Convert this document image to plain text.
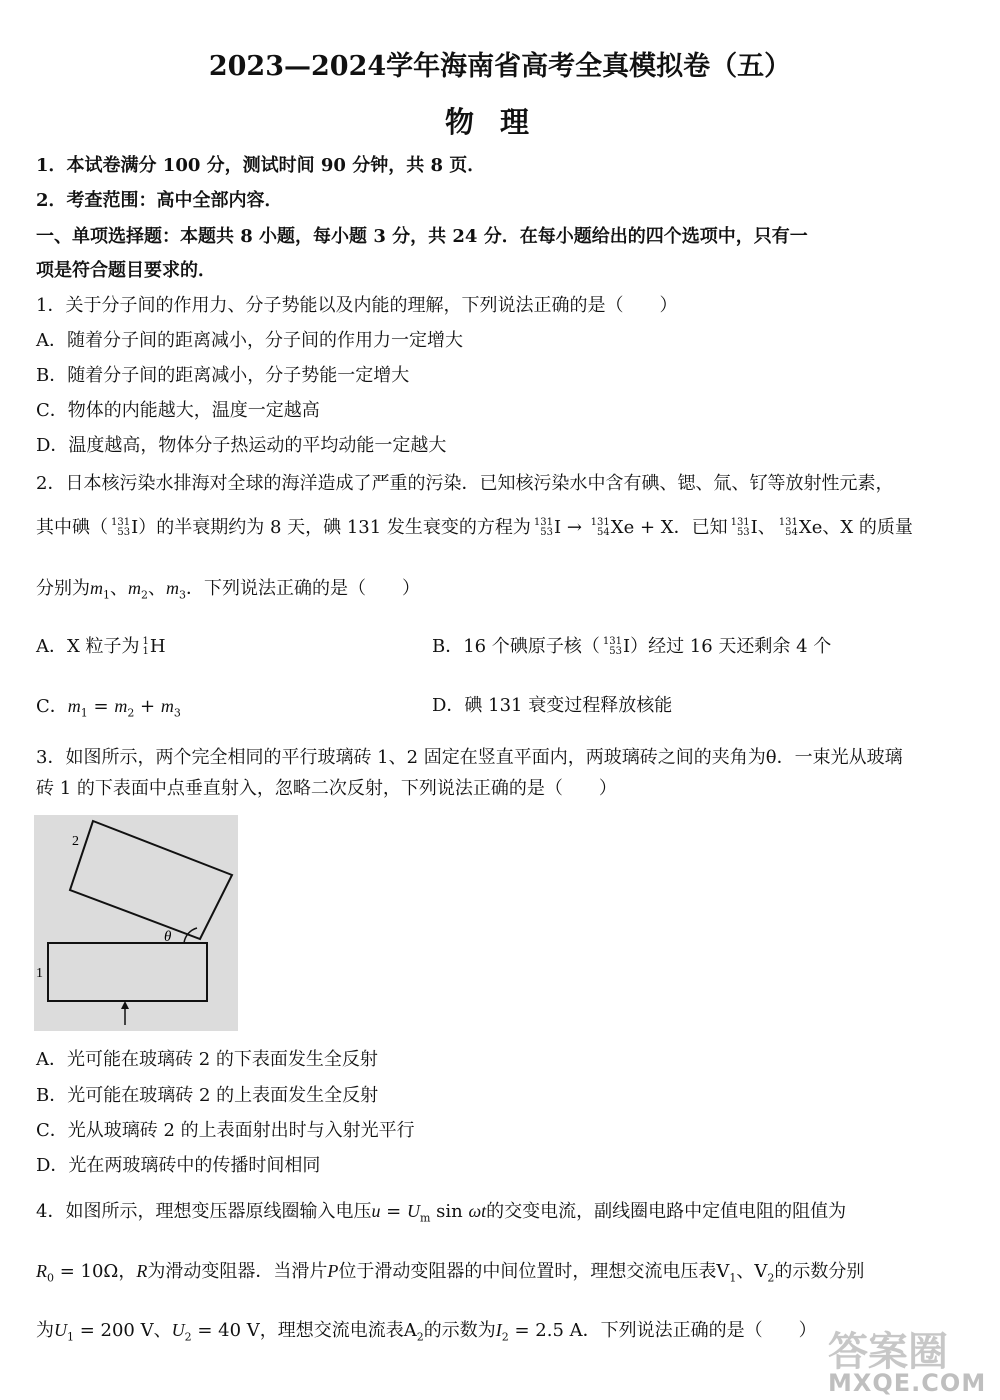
2023—2024学年海南省高考全真模拟卷（五）
物理
1．本试卷满分 100 分，测试时间 90 分钟，共 8 页．
2．考查范围：高中全部内容．
一、单项选择题：本题共 8 小题，每小题 3 分，共 24 分．在每小题给出的四个选项中，只有一
项是符合题目要求的．
1．关于分子间的作用力、分子势能以及内能的理解，下列说法正确的是（　　）
A．随着分子间的距离减小，分子间的作用力一定增大
B．随着分子间的距离减小，分子势能一定增大
C．物体的内能越大，温度一定越高
D．温度越高，物体分子热运动的平均动能一定越大
2．日本核污染水排海对全球的海洋造成了严重的污染．已知核污染水中含有碘、锶、氚、钌等放射性元素，
其中碘（ 131
53 I）的半衰期约为 8 天，碘 131 发生衰变的方程为 131
53 I → 131
54 Xe + X．已知 131
53 I、 131
54 Xe、X 的质量
分别为$m_1$、$m_2$、$m_3$．下列说法正确的是（　　）
A．X 粒子为 1
1 H	B．16 个碘原子核（ 131
53 I）经过 16 天还剩余 4 个
C．$m_1 = m_2 + m_3$	D．碘 131 衰变过程释放核能
3．如图所示，两个完全相同的平行玻璃砖 1、2 固定在竖直平面内，两玻璃砖之间的夹角为θ．一束光从玻璃
砖 1 的下表面中点垂直射入，忽略二次反射，下列说法正确的是（　　）
2
θ
1
A．光可能在玻璃砖 2 的下表面发生全反射
B．光可能在玻璃砖 2 的上表面发生全反射
C．光从玻璃砖 2 的上表面射出时与入射光平行
D．光在两玻璃砖中的传播时间相同
4．如图所示，理想变压器原线圈输入电压$u = U_m$ sin ωt的交变电流，副线圈电路中定值电阻的阻值为
$R_0 = 10\Omega$，R为滑动变阻器．当滑片P位于滑动变阻器的中间位置时，理想交流电压表$V_1$、$V_2$的示数分别
为$U_1 = 200$ V、$U_2 = 40$ V，理想交流电流表$A_2$的示数为$I_2 = 2.5$ A．下列说法正确的是（　　） 答案圈
MXQE.COM
